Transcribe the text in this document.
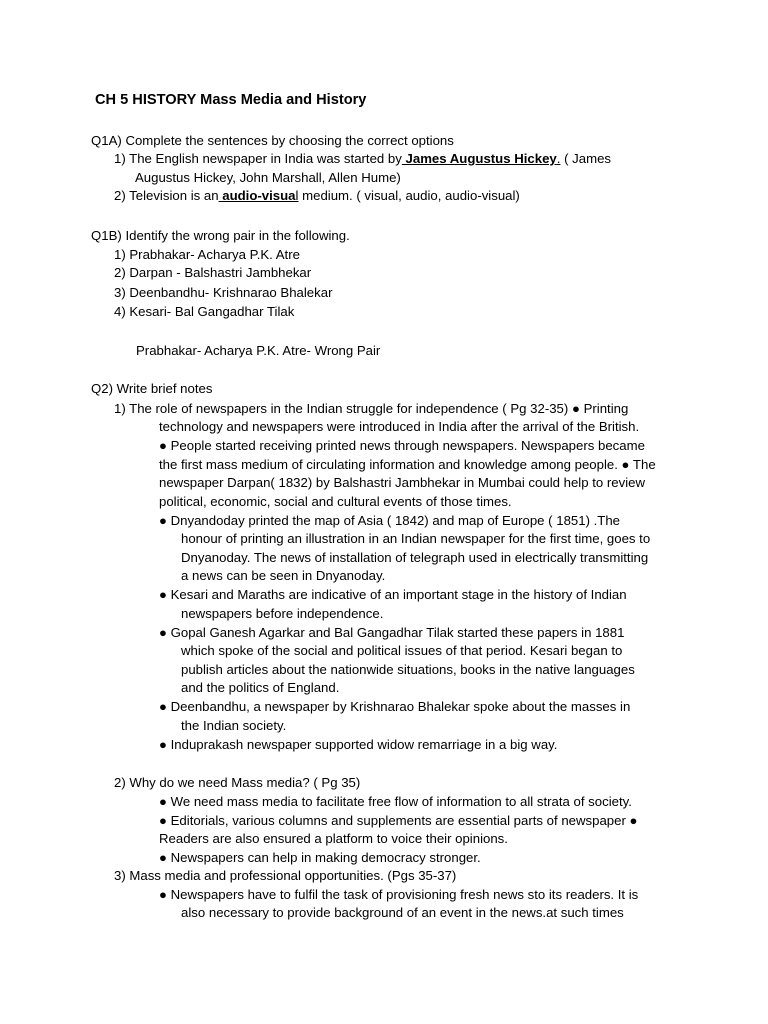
CH 5 HISTORY Mass Media and History
Q1A) Complete the sentences by choosing the correct options
1) The English newspaper in India was started by James Augustus Hickey. ( James
Augustus Hickey, John Marshall, Allen Hume)
2) Television is an audio-visual medium. ( visual, audio, audio-visual)
Q1B) Identify the wrong pair in the following.
1) Prabhakar- Acharya P.K. Atre
2) Darpan - Balshastri Jambhekar
3) Deenbandhu- Krishnarao Bhalekar
4) Kesari- Bal Gangadhar Tilak
Prabhakar- Acharya P.K. Atre- Wrong Pair
Q2) Write brief notes
1) The role of newspapers in the Indian struggle for independence ( Pg 32-35) ● Printing
technology and newspapers were introduced in India after the arrival of the British.
● People started receiving printed news through newspapers. Newspapers became
the first mass medium of circulating information and knowledge among people. ● The
newspaper Darpan( 1832) by Balshastri Jambhekar in Mumbai could help to review
political, economic, social and cultural events of those times.
● Dnyandoday printed the map of Asia ( 1842) and map of Europe ( 1851) .The
honour of printing an illustration in an Indian newspaper for the first time, goes to
Dnyanoday. The news of installation of telegraph used in electrically transmitting
a news can be seen in Dnyanoday.
● Kesari and Maraths are indicative of an important stage in the history of Indian
newspapers before independence.
● Gopal Ganesh Agarkar and Bal Gangadhar Tilak started these papers in 1881
which spoke of the social and political issues of that period. Kesari began to
publish articles about the nationwide situations, books in the native languages
and the politics of England.
● Deenbandhu, a newspaper by Krishnarao Bhalekar spoke about the masses in
the Indian society.
● Induprakash newspaper supported widow remarriage in a big way.
2) Why do we need Mass media? ( Pg 35)
● We need mass media to facilitate free flow of information to all strata of society.
● Editorials, various columns and supplements are essential parts of newspaper ●
Readers are also ensured a platform to voice their opinions.
● Newspapers can help in making democracy stronger.
3) Mass media and professional opportunities. (Pgs 35-37)
● Newspapers have to fulfil the task of provisioning fresh news sto its readers. It is
also necessary to provide background of an event in the news.at such times
